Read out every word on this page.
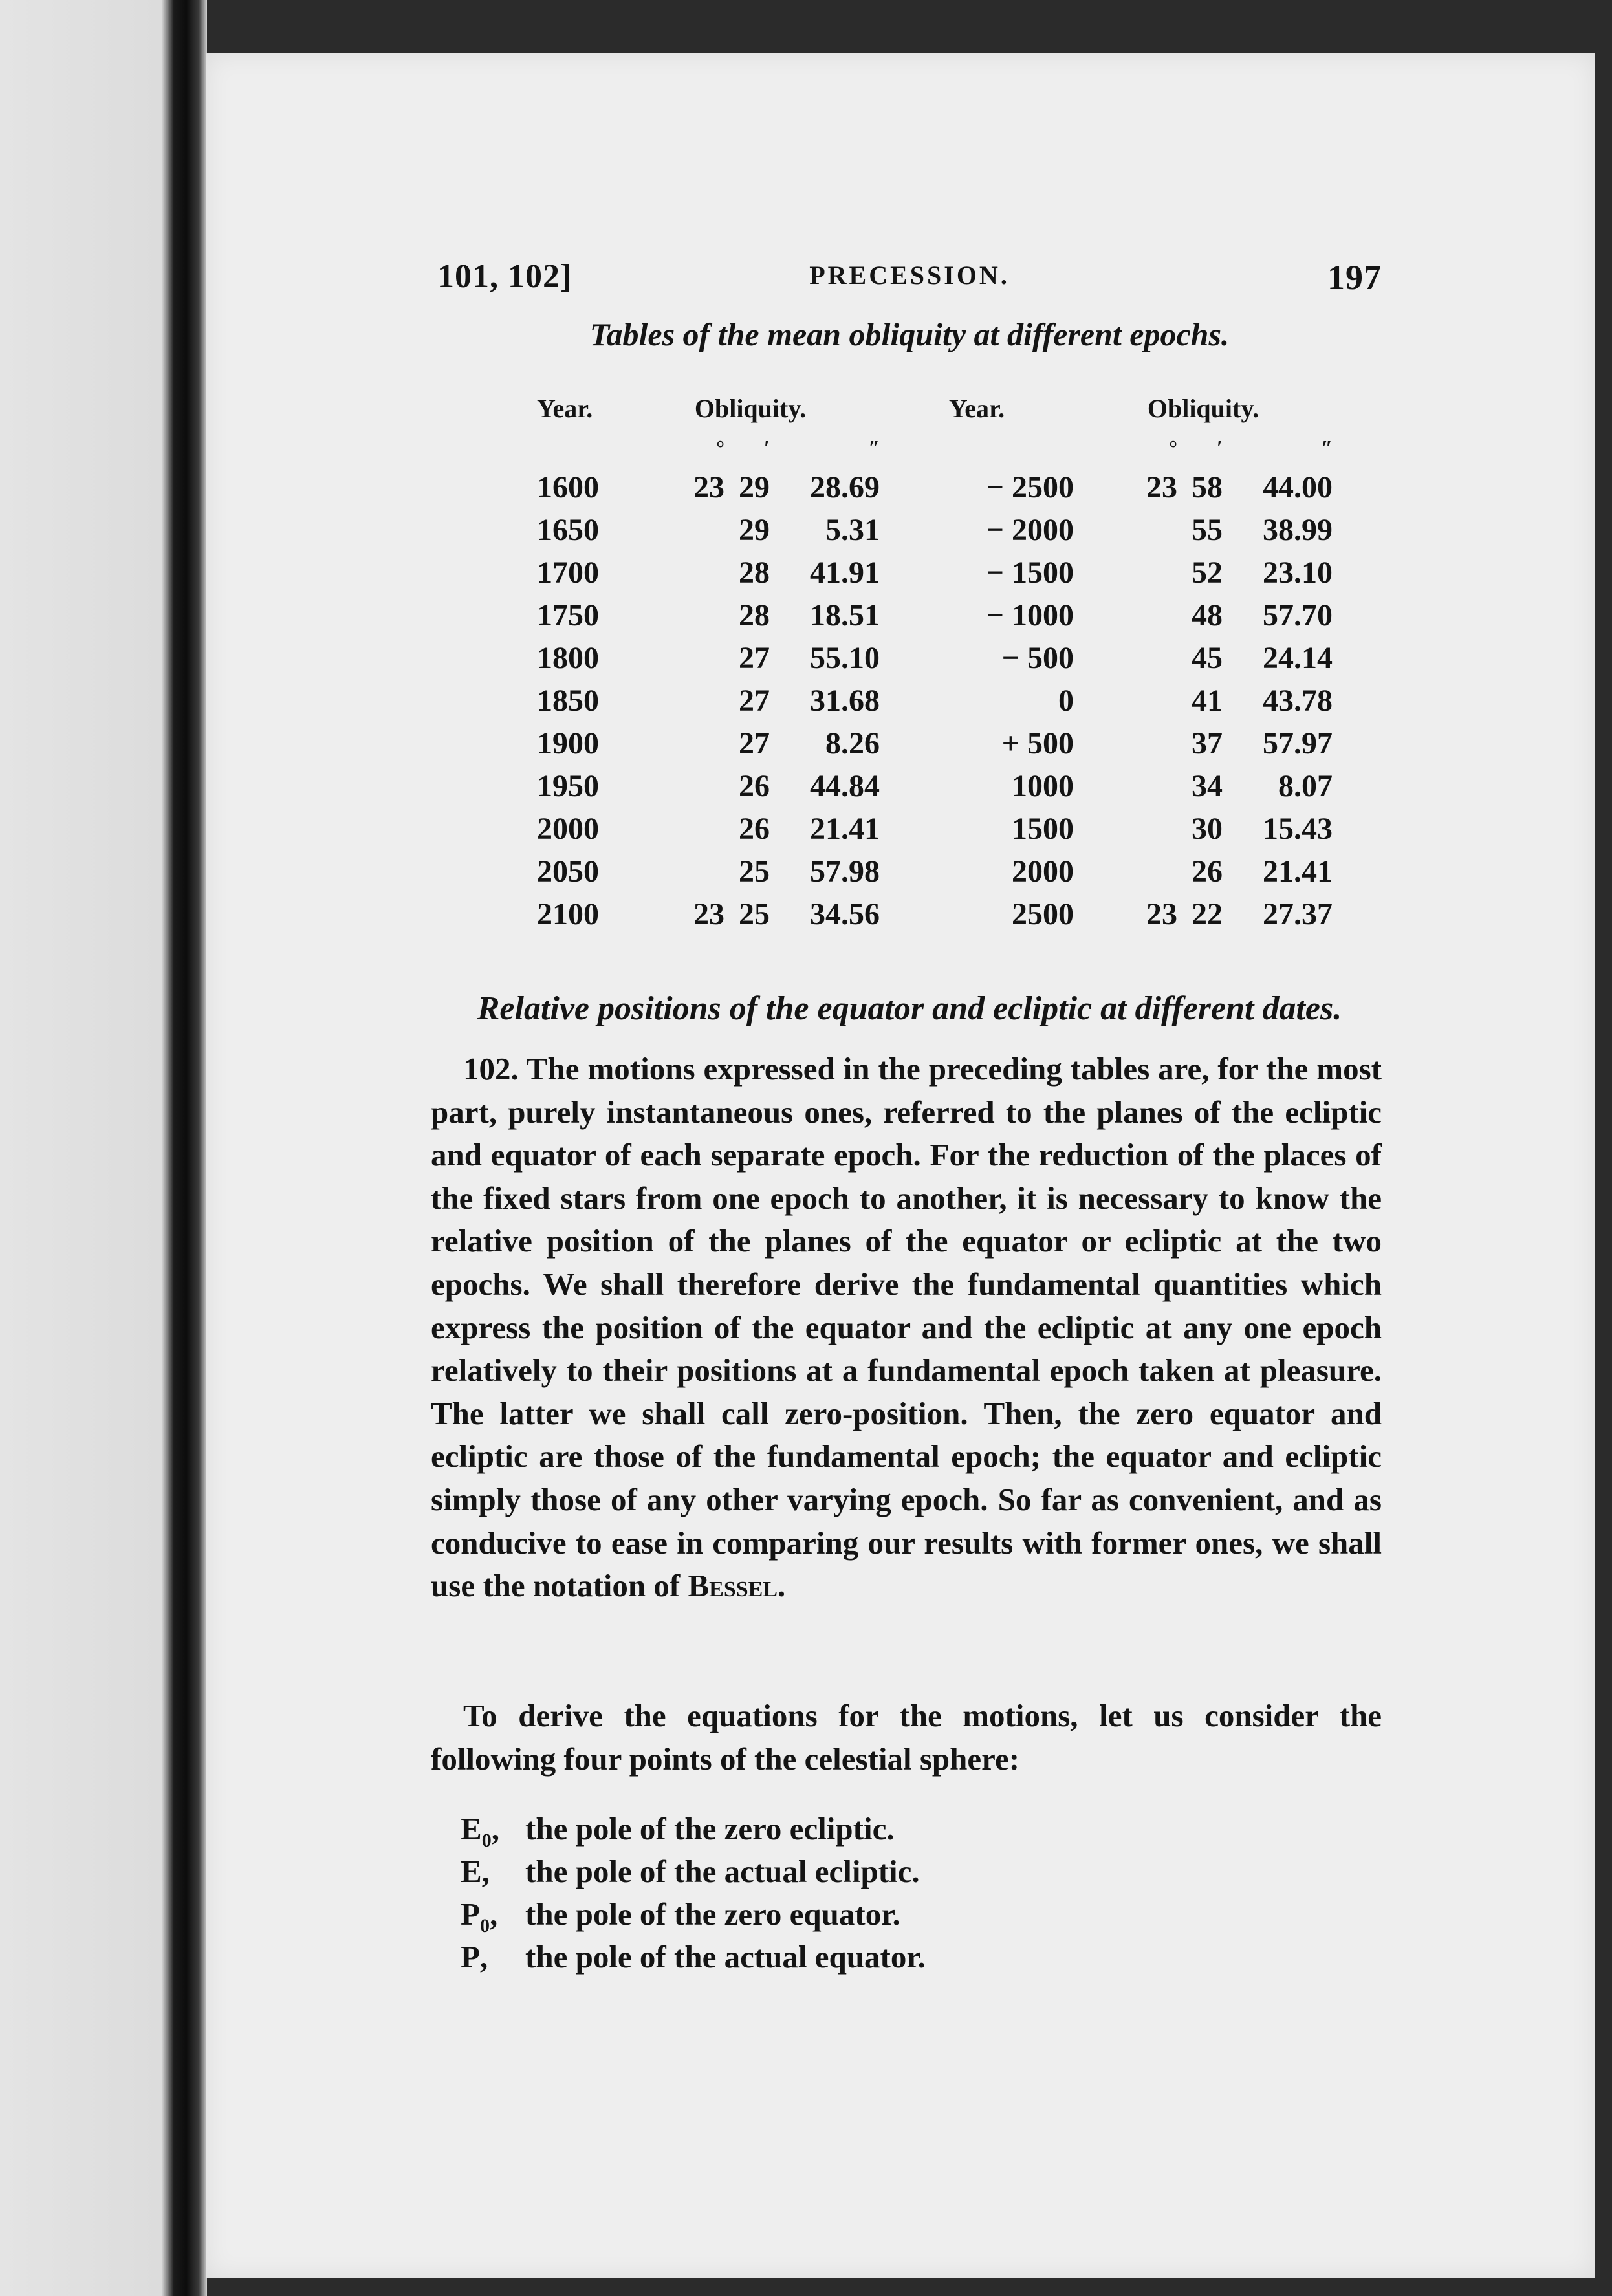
101, 102]	PRECESSION.	197
Tables of the mean obliquity at different epochs.
Year.	Obliquity.			Year.	Obliquity.		
	°	′	″		°	′	″
1600	23	29	28.69	− 2500	23	58	44.00
1650		29	5.31	− 2000		55	38.99
1700		28	41.91	− 1500		52	23.10
1750		28	18.51	− 1000		48	57.70
1800		27	55.10	− 500		45	24.14
1850		27	31.68	0		41	43.78
1900		27	8.26	+ 500		37	57.97
1950		26	44.84	1000		34	8.07
2000		26	21.41	1500		30	15.43
2050		25	57.98	2000		26	21.41
2100	23	25	34.56	2500	23	22	27.37
Relative positions of the equator and ecliptic at different dates.
102. The motions expressed in the preceding tables are, for the most part, purely instantaneous ones, referred to the planes of the ecliptic and equator of each separate epoch. For the reduction of the places of the fixed stars from one epoch to another, it is necessary to know the relative position of the planes of the equator or ecliptic at the two epochs. We shall therefore derive the fundamental quantities which express the position of the equator and the ecliptic at any one epoch relatively to their positions at a fundamental epoch taken at pleasure. The latter we shall call zero-position. Then, the zero equator and ecliptic are those of the fundamental epoch; the equator and ecliptic simply those of any other varying epoch. So far as convenient, and as conducive to ease in comparing our results with former ones, we shall use the notation of Bessel.
To derive the equations for the motions, let us consider the following four points of the celestial sphere:
$E_0$, the pole of the zero ecliptic.
E, the pole of the actual ecliptic.
$P_0$, the pole of the zero equator.
P, the pole of the actual equator.
